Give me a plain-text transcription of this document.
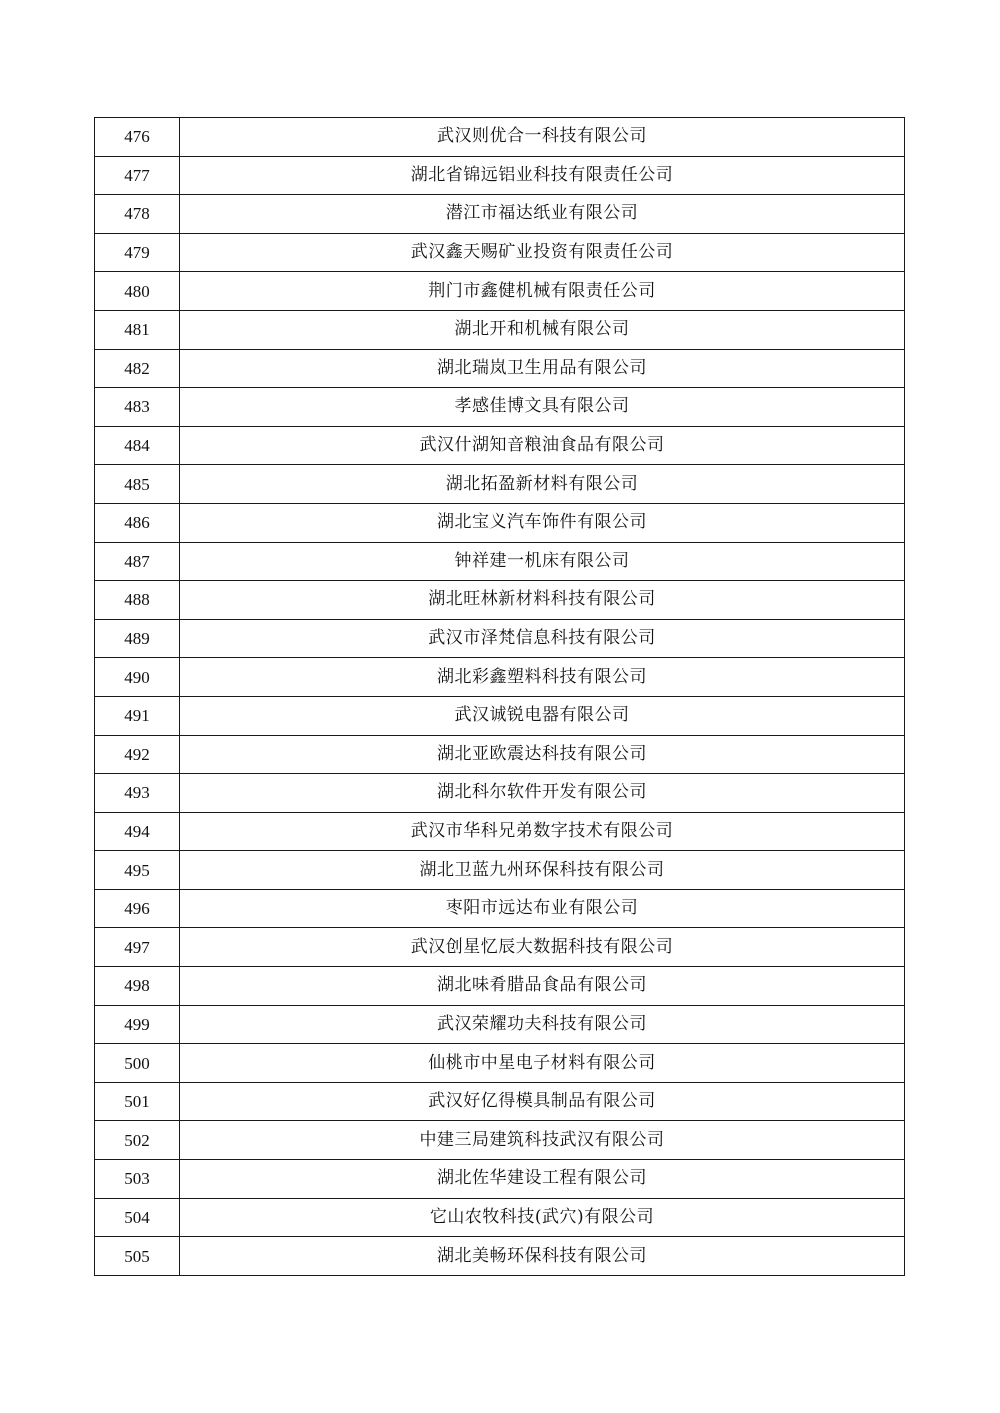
476	武汉则优合一科技有限公司
477	湖北省锦远铝业科技有限责任公司
478	潜江市福达纸业有限公司
479	武汉鑫天赐矿业投资有限责任公司
480	荆门市鑫健机械有限责任公司
481	湖北开和机械有限公司
482	湖北瑞岚卫生用品有限公司
483	孝感佳博文具有限公司
484	武汉什湖知音粮油食品有限公司
485	湖北拓盈新材料有限公司
486	湖北宝义汽车饰件有限公司
487	钟祥建一机床有限公司
488	湖北旺林新材料科技有限公司
489	武汉市泽梵信息科技有限公司
490	湖北彩鑫塑料科技有限公司
491	武汉诚锐电器有限公司
492	湖北亚欧震达科技有限公司
493	湖北科尔软件开发有限公司
494	武汉市华科兄弟数字技术有限公司
495	湖北卫蓝九州环保科技有限公司
496	枣阳市远达布业有限公司
497	武汉创星忆辰大数据科技有限公司
498	湖北味肴腊品食品有限公司
499	武汉荣耀功夫科技有限公司
500	仙桃市中星电子材料有限公司
501	武汉好亿得模具制品有限公司
502	中建三局建筑科技武汉有限公司
503	湖北佐华建设工程有限公司
504	它山农牧科技(武穴)有限公司
505	湖北美畅环保科技有限公司
